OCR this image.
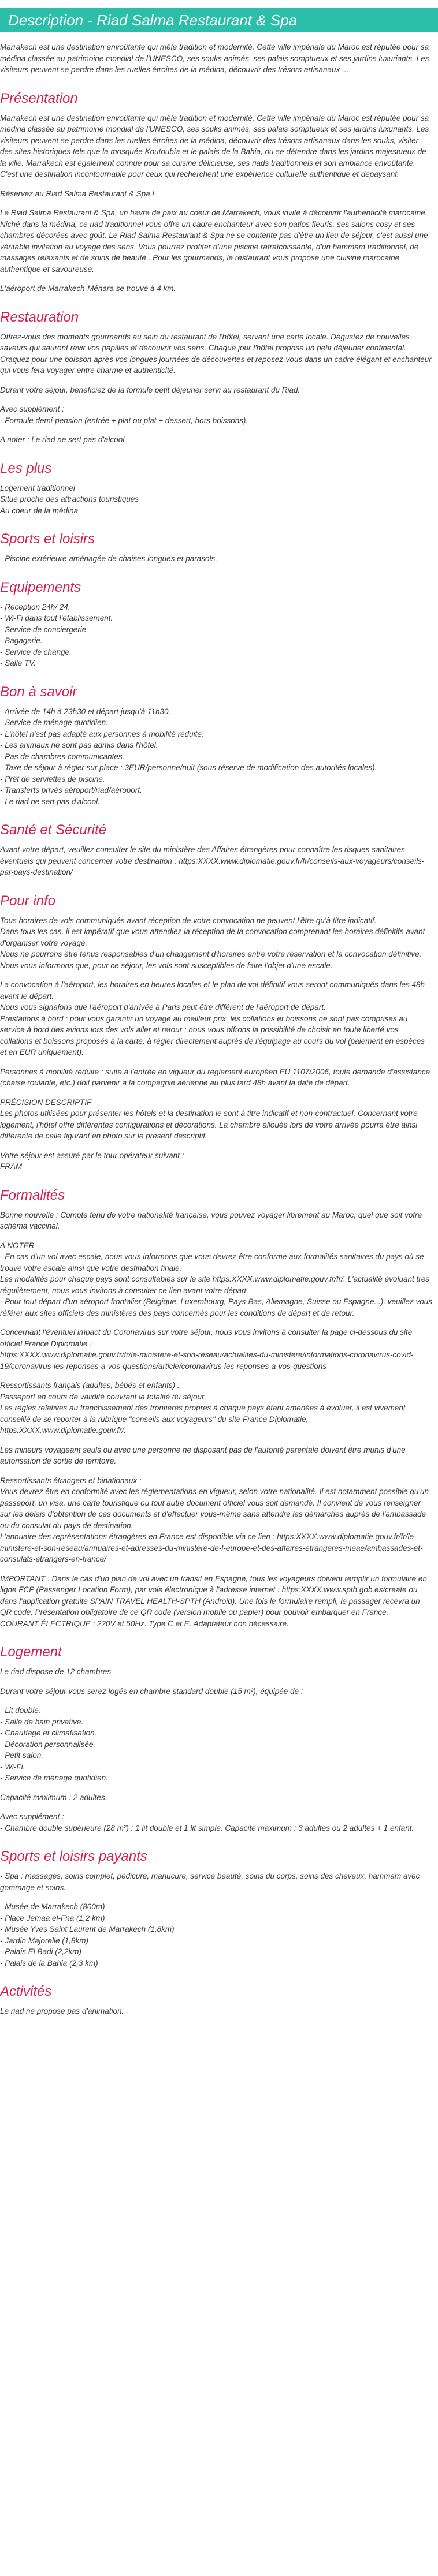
Description - Riad Salma Restaurant & Spa

Marrakech est une destination envoûtante qui mêle tradition et modernité. Cette ville impériale du Maroc est réputée pour sa médina classée au patrimoine mondial de l'UNESCO, ses souks animés, ses palais somptueux et ses jardins luxuriants. Les visiteurs peuvent se perdre dans les ruelles étroites de la médina, découvrir des trésors artisanaux ...

Présentation

Marrakech est une destination envoûtante qui mêle tradition et modernité. Cette ville impériale du Maroc est réputée pour sa médina classée au patrimoine mondial de l'UNESCO, ses souks animés, ses palais somptueux et ses jardins luxuriants. Les visiteurs peuvent se perdre dans les ruelles étroites de la médina, découvrir des trésors artisanaux dans les souks, visiter des sites historiques tels que la mosquée Koutoubia et le palais de la Bahia, ou se détendre dans les jardins majestueux de la ville. Marrakech est également connue pour sa cuisine délicieuse, ses riads traditionnels et son ambiance envoûtante. C'est une destination incontournable pour ceux qui recherchent une expérience culturelle authentique et dépaysant.

Réservez au Riad Salma Restaurant & Spa !

Le Riad Salma Restaurant & Spa, un havre de paix au coeur de Marrakech, vous invite à découvrir l'authenticité marocaine. Niché dans la médina, ce riad traditionnel vous offre un cadre enchanteur avec son patios fleuris, ses salons cosy et ses chambres décorées avec goût. Le Riad Salma Restaurant & Spa ne se contente pas d'être un lieu de séjour, c'est aussi une véritable invitation au voyage des sens. Vous pourrez profiter d'une piscine rafraîchissante, d'un hammam traditionnel, de massages relaxants et de soins de beauté . Pour les gourmands, le restaurant vous propose une cuisine marocaine authentique et savoureuse.

L'aéroport de Marrakech-Ménara se trouve à 4 km.

Restauration

Offrez-vous des moments gourmands au sein du restaurant de l'hôtel, servant une carte locale. Dégustez de nouvelles saveurs qui sauront ravir vos papilles et découvrir vos sens. Chaque jour l'hôtel propose un petit déjeuner continental. Craquez pour une boisson après vos longues journées de découvertes et reposez-vous dans un cadre élégant et enchanteur qui vous fera voyager entre charme et authenticité.

Durant votre séjour, bénéficiez de la formule petit déjeuner servi au restaurant du Riad.

Avec supplément :

- Formule demi-pension (entrée + plat ou plat + dessert, hors boissons).

A noter : Le riad ne sert pas d'alcool.

Les plus

Logement traditionnel

Situé proche des attractions touristiques

Au coeur de la médina

Sports et loisirs

- Piscine extérieure aménagée de chaises longues et parasols.

Equipements

- Réception 24h/ 24.

- Wi-Fi dans tout l'établissement.

- Service de conciergerie

- Bagagerie.

- Service de change.

- Salle TV.

Bon à savoir

- Arrivée de 14h à 23h30 et départ jusqu'à 11h30.

- Service de ménage quotidien.

- L'hôtel n'est pas adapté aux personnes à mobilité réduite.

- Les animaux ne sont pas admis dans l'hôtel.

- Pas de chambres communicantes.

- Taxe de séjour à régler sur place : 3EUR/personne/nuit (sous réserve de modification des autorités locales).

- Prêt de serviettes de piscine.

- Transferts privés aéroport/riad/aéroport.

- Le riad ne sert pas d'alcool.

Santé et Sécurité

Avant votre départ, veuillez consulter le site du ministère des Affaires étrangères pour connaître les risques sanitaires éventuels qui peuvent concerner votre destination : https:XXXX.www.diplomatie.gouv.fr/fr/conseils-aux-voyageurs/conseils-par-pays-destination/

Pour info

Tous horaires de vols communiqués avant réception de votre convocation ne peuvent l'être qu'à titre indicatif.

Dans tous les cas, il est impératif que vous attendiez la réception de la convocation comprenant les horaires définitifs avant d'organiser votre voyage.

Nous ne pourrons être tenus responsables d'un changement d'horaires entre votre réservation et la convocation définitive.

Nous vous informons que, pour ce séjour, les vols sont susceptibles de faire l'objet d'une escale.

La convocation à l'aéroport, les horaires en heures locales et le plan de vol définitif vous seront communiqués dans les 48h avant le départ.

Nous vous signalons que l'aéroport d'arrivée à Paris peut être différent de l'aéroport de départ.

Prestations à bord : pour vous garantir un voyage au meilleur prix, les collations et boissons ne sont pas comprises au service à bord des avions lors des vols aller et retour ; nous vous offrons la possibilité de choisir en toute liberté vos collations et boissons proposés à la carte, à régler directement auprès de l'équipage au cours du vol (paiement en espèces et en EUR uniquement).

Personnes à mobilité réduite : suite à l'entrée en vigueur du règlement européen EU 1107/2006, toute demande d'assistance (chaise roulante, etc.) doit parvenir à la compagnie aérienne au plus tard 48h avant la date de départ.

PRÉCISION DESCRIPTIF

Les photos utilisées pour présenter les hôtels et la destination le sont à titre indicatif et non-contractuel. Concernant votre logement, l'hôtel offre différentes configurations et décorations. La chambre allouée lors de votre arrivée pourra être ainsi différente de celle figurant en photo sur le présent descriptif.

Votre séjour est assuré par le tour opérateur suivant :

FRAM

Formalités

Bonne nouvelle : Compte tenu de votre nationalité française, vous pouvez voyager librement au Maroc, quel que soit votre schéma vaccinal.

A NOTER

- En cas d'un vol avec escale, nous vous informons que vous devrez être conforme aux formalités sanitaires du pays où se trouve votre escale ainsi que votre destination finale.

Les modalités pour chaque pays sont consultables sur le site https:XXXX.www.diplomatie.gouv.fr/fr/. L'actualité évoluant très régulièrement, nous vous invitons à consulter ce lien avant votre départ.

- Pour tout départ d'un aéroport frontalier (Belgique, Luxembourg, Pays-Bas, Allemagne, Suisse ou Espagne...), veuillez vous référer aux sites officiels des ministères des pays concernés pour les conditions de départ et de retour.

Concernant l'éventuel impact du Coronavirus sur votre séjour, nous vous invitons à consulter la page ci-dessous du site officiel France Diplomatie :

https:XXXX.www.diplomatie.gouv.fr/fr/le-ministere-et-son-reseau/actualites-du-ministere/informations-coronavirus-covid-19/coronavirus-les-reponses-a-vos-questions/article/coronavirus-les-reponses-a-vos-questions

Ressortissants français (adultes, bébés et enfants) :

Passeport en cours de validité couvrant la totalité du séjour.

Les règles relatives au franchissement des frontières propres à chaque pays étant amenées à évoluer, il est vivement conseillé de se reporter à la rubrique "conseils aux voyageurs" du site France Diplomatie, https:XXXX.www.diplomatie.gouv.fr/.

Les mineurs voyageant seuls ou avec une personne ne disposant pas de l'autorité parentale doivent être munis d'une autorisation de sortie de territoire.

Ressortissants étrangers et binationaux :

Vous devrez être en conformité avec les réglementations en vigueur, selon votre nationalité. Il est notamment possible qu'un passeport, un visa, une carte touristique ou tout autre document officiel vous soit demandé. Il convient de vous renseigner sur les délais d'obtention de ces documents et d'effectuer vous-même sans attendre les démarches auprès de l'ambassade ou du consulat du pays de destination.

L'annuaire des représentations étrangères en France est disponible via ce lien : https:XXXX.www.diplomatie.gouv.fr/fr/le-ministere-et-son-reseau/annuaires-et-adresses-du-ministere-de-l-europe-et-des-affaires-etrangeres-meae/ambassades-et-consulats-etrangers-en-france/

IMPORTANT : Dans le cas d'un plan de vol avec un transit en Espagne, tous les voyageurs doivent remplir un formulaire en ligne FCP (Passenger Location Form), par voie électronique à l'adresse internet : https:XXXX.www.spth.gob.es/create ou dans l'application gratuite SPAIN TRAVEL HEALTH-SPTH (Android). Une fois le formulaire rempli, le passager recevra un QR code. Présentation obligatoire de ce QR code (version mobile ou papier) pour pouvoir embarquer en France.

COURANT ÉLECTRIQUE : 220V et 50Hz. Type C et E. Adaptateur non nécessaire.

Logement

Le riad dispose de 12 chambres.

Durant votre séjour vous serez logés en chambre standard double (15 m²), équipée de :

- Lit double.

- Salle de bain privative.

- Chauffage et climatisation.

- Décoration personnalisée.

- Petit salon.

- Wi-Fi.

- Service de ménage quotidien.

Capacité maximum : 2 adultes.

Avec supplément :

- Chambre double supérieure (28 m²) : 1 lit double et 1 lit simple. Capacité maximum : 3 adultes ou 2 adultes + 1 enfant.

Sports et loisirs payants

- Spa : massages, soins complet, pédicure, manucure, service beauté, soins du corps, soins des cheveux, hammam avec gommage et soins.

- Musée de Marrakech (800m)

- Place Jemaa el-Fna (1,2 km)

- Musée Yves Saint Laurent de Marrakech (1,8km)

- Jardin Majorelle (1,8km)

- Palais El Badi (2,2km)

- Palais de la Bahia (2,3 km)

Activités

Le riad ne propose pas d'animation.
